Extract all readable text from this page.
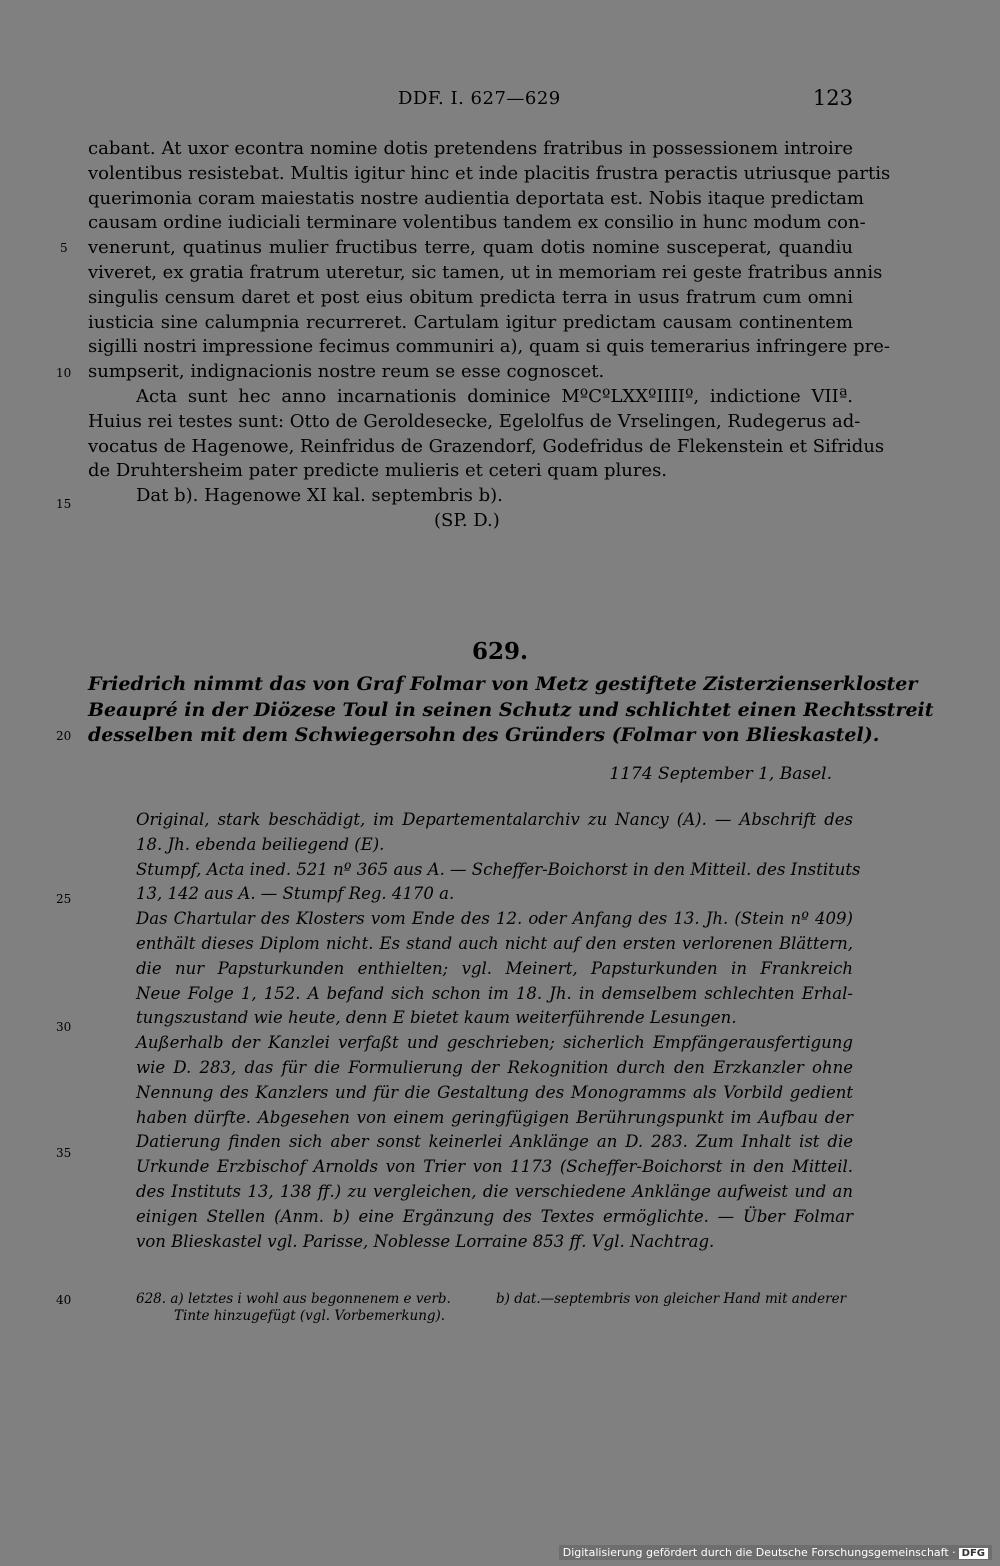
DDF. I. 627—629	123
cabant. At uxor econtra nomine dotis pretendens fratribus in possessionem introire
volentibus resistebat. Multis igitur hinc et inde placitis frustra peractis utriusque partis
querimonia coram maiestatis nostre audientia deportata est. Nobis itaque predictam
causam ordine iudiciali terminare volentibus tandem ex consilio in hunc modum con-
venerunt, quatinus mulier fructibus terre, quam dotis nomine susceperat, quandiu
viveret, ex gratia fratrum uteretur, sic tamen, ut in memoriam rei geste fratribus annis
singulis censum daret et post eius obitum predicta terra in usus fratrum cum omni
iusticia sine calumpnia recurreret. Cartulam igitur predictam causam continentem
sigilli nostri impressione fecimus communiri a), quam si quis temerarius infringere pre-
sumpserit, indignacionis nostre reum se esse cognoscet.
Acta sunt hec anno incarnationis dominice MºCºLXXºIIIIº, indictione VIIª.
Huius rei testes sunt: Otto de Geroldesecke, Egelolfus de Vrselingen, Rudegerus ad-
vocatus de Hagenowe, Reinfridus de Grazendorf, Godefridus de Flekenstein et Sifridus
de Druhtersheim pater predicte mulieris et ceteri quam plures.
Dat b). Hagenowe XI kal. septembris b).
(SP. D.)
5
10
15
20
25
30
35
40
629.
Friedrich nimmt das von Graf Folmar von Metz gestiftete Zisterzienserkloster
Beaupré in der Diözese Toul in seinen Schutz und schlichtet einen Rechtsstreit
desselben mit dem Schwiegersohn des Gründers (Folmar von Blieskastel).
1174 September 1, Basel.
Original, stark beschädigt, im Departementalarchiv zu Nancy (A). — Abschrift des
18. Jh. ebenda beiliegend (E).
Stumpf, Acta ined. 521 nº 365 aus A. — Scheffer-Boichorst in den Mitteil. des Instituts
13, 142 aus A. — Stumpf Reg. 4170 a.
Das Chartular des Klosters vom Ende des 12. oder Anfang des 13. Jh. (Stein nº 409)
enthält dieses Diplom nicht. Es stand auch nicht auf den ersten verlorenen Blättern,
die nur Papsturkunden enthielten; vgl. Meinert, Papsturkunden in Frankreich
Neue Folge 1, 152. A befand sich schon im 18. Jh. in demselbem schlechten Erhal-
tungszustand wie heute, denn E bietet kaum weiterführende Lesungen.
Außerhalb der Kanzlei verfaßt und geschrieben; sicherlich Empfängerausfertigung
wie D. 283, das für die Formulierung der Rekognition durch den Erzkanzler ohne
Nennung des Kanzlers und für die Gestaltung des Monogramms als Vorbild gedient
haben dürfte. Abgesehen von einem geringfügigen Berührungspunkt im Aufbau der
Datierung finden sich aber sonst keinerlei Anklänge an D. 283. Zum Inhalt ist die
Urkunde Erzbischof Arnolds von Trier von 1173 (Scheffer-Boichorst in den Mitteil.
des Instituts 13, 138 ff.) zu vergleichen, die verschiedene Anklänge aufweist und an
einigen Stellen (Anm. b) eine Ergänzung des Textes ermöglichte. — Über Folmar
von Blieskastel vgl. Parisse, Noblesse Lorraine 853 ff. Vgl. Nachtrag.
628. a) letztes i wohl aus begonnenem e verb.
Tinte hinzugefügt (vgl. Vorbemerkung).
b) dat.—septembris von gleicher Hand mit anderer
Digitalisierung gefördert durch die Deutsche Forschungsgemeinschaft · DFG
